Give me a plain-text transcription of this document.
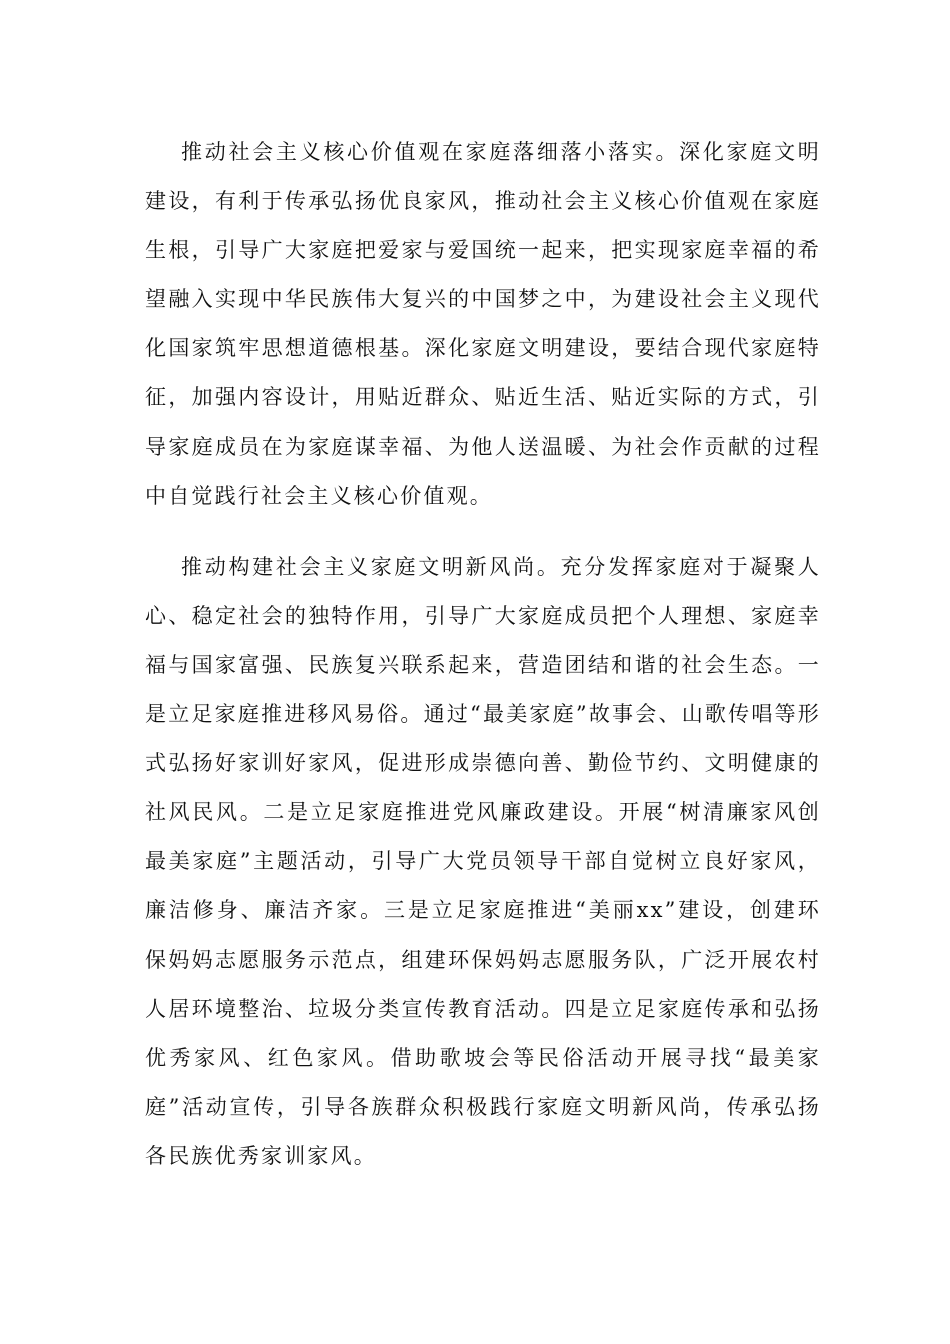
推动社会主义核心价值观在家庭落细落小落实。深化家庭文明建设，有利于传承弘扬优良家风，推动社会主义核心价值观在家庭生根，引导广大家庭把爱家与爱国统一起来，把实现家庭幸福的希望融入实现中华民族伟大复兴的中国梦之中，为建设社会主义现代化国家筑牢思想道德根基。深化家庭文明建设，要结合现代家庭特征，加强内容设计，用贴近群众、贴近生活、贴近实际的方式，引导家庭成员在为家庭谋幸福、为他人送温暖、为社会作贡献的过程中自觉践行社会主义核心价值观。

推动构建社会主义家庭文明新风尚。充分发挥家庭对于凝聚人心、稳定社会的独特作用，引导广大家庭成员把个人理想、家庭幸福与国家富强、民族复兴联系起来，营造团结和谐的社会生态。一是立足家庭推进移风易俗。通过“最美家庭”故事会、山歌传唱等形式弘扬好家训好家风，促进形成崇德向善、勤俭节约、文明健康的社风民风。二是立足家庭推进党风廉政建设。开展“树清廉家风创最美家庭”主题活动，引导广大党员领导干部自觉树立良好家风，廉洁修身、廉洁齐家。三是立足家庭推进“美丽xx”建设，创建环保妈妈志愿服务示范点，组建环保妈妈志愿服务队，广泛开展农村人居环境整治、垃圾分类宣传教育活动。四是立足家庭传承和弘扬优秀家风、红色家风。借助歌坡会等民俗活动开展寻找“最美家庭”活动宣传，引导各族群众积极践行家庭文明新风尚，传承弘扬各民族优秀家训家风。
